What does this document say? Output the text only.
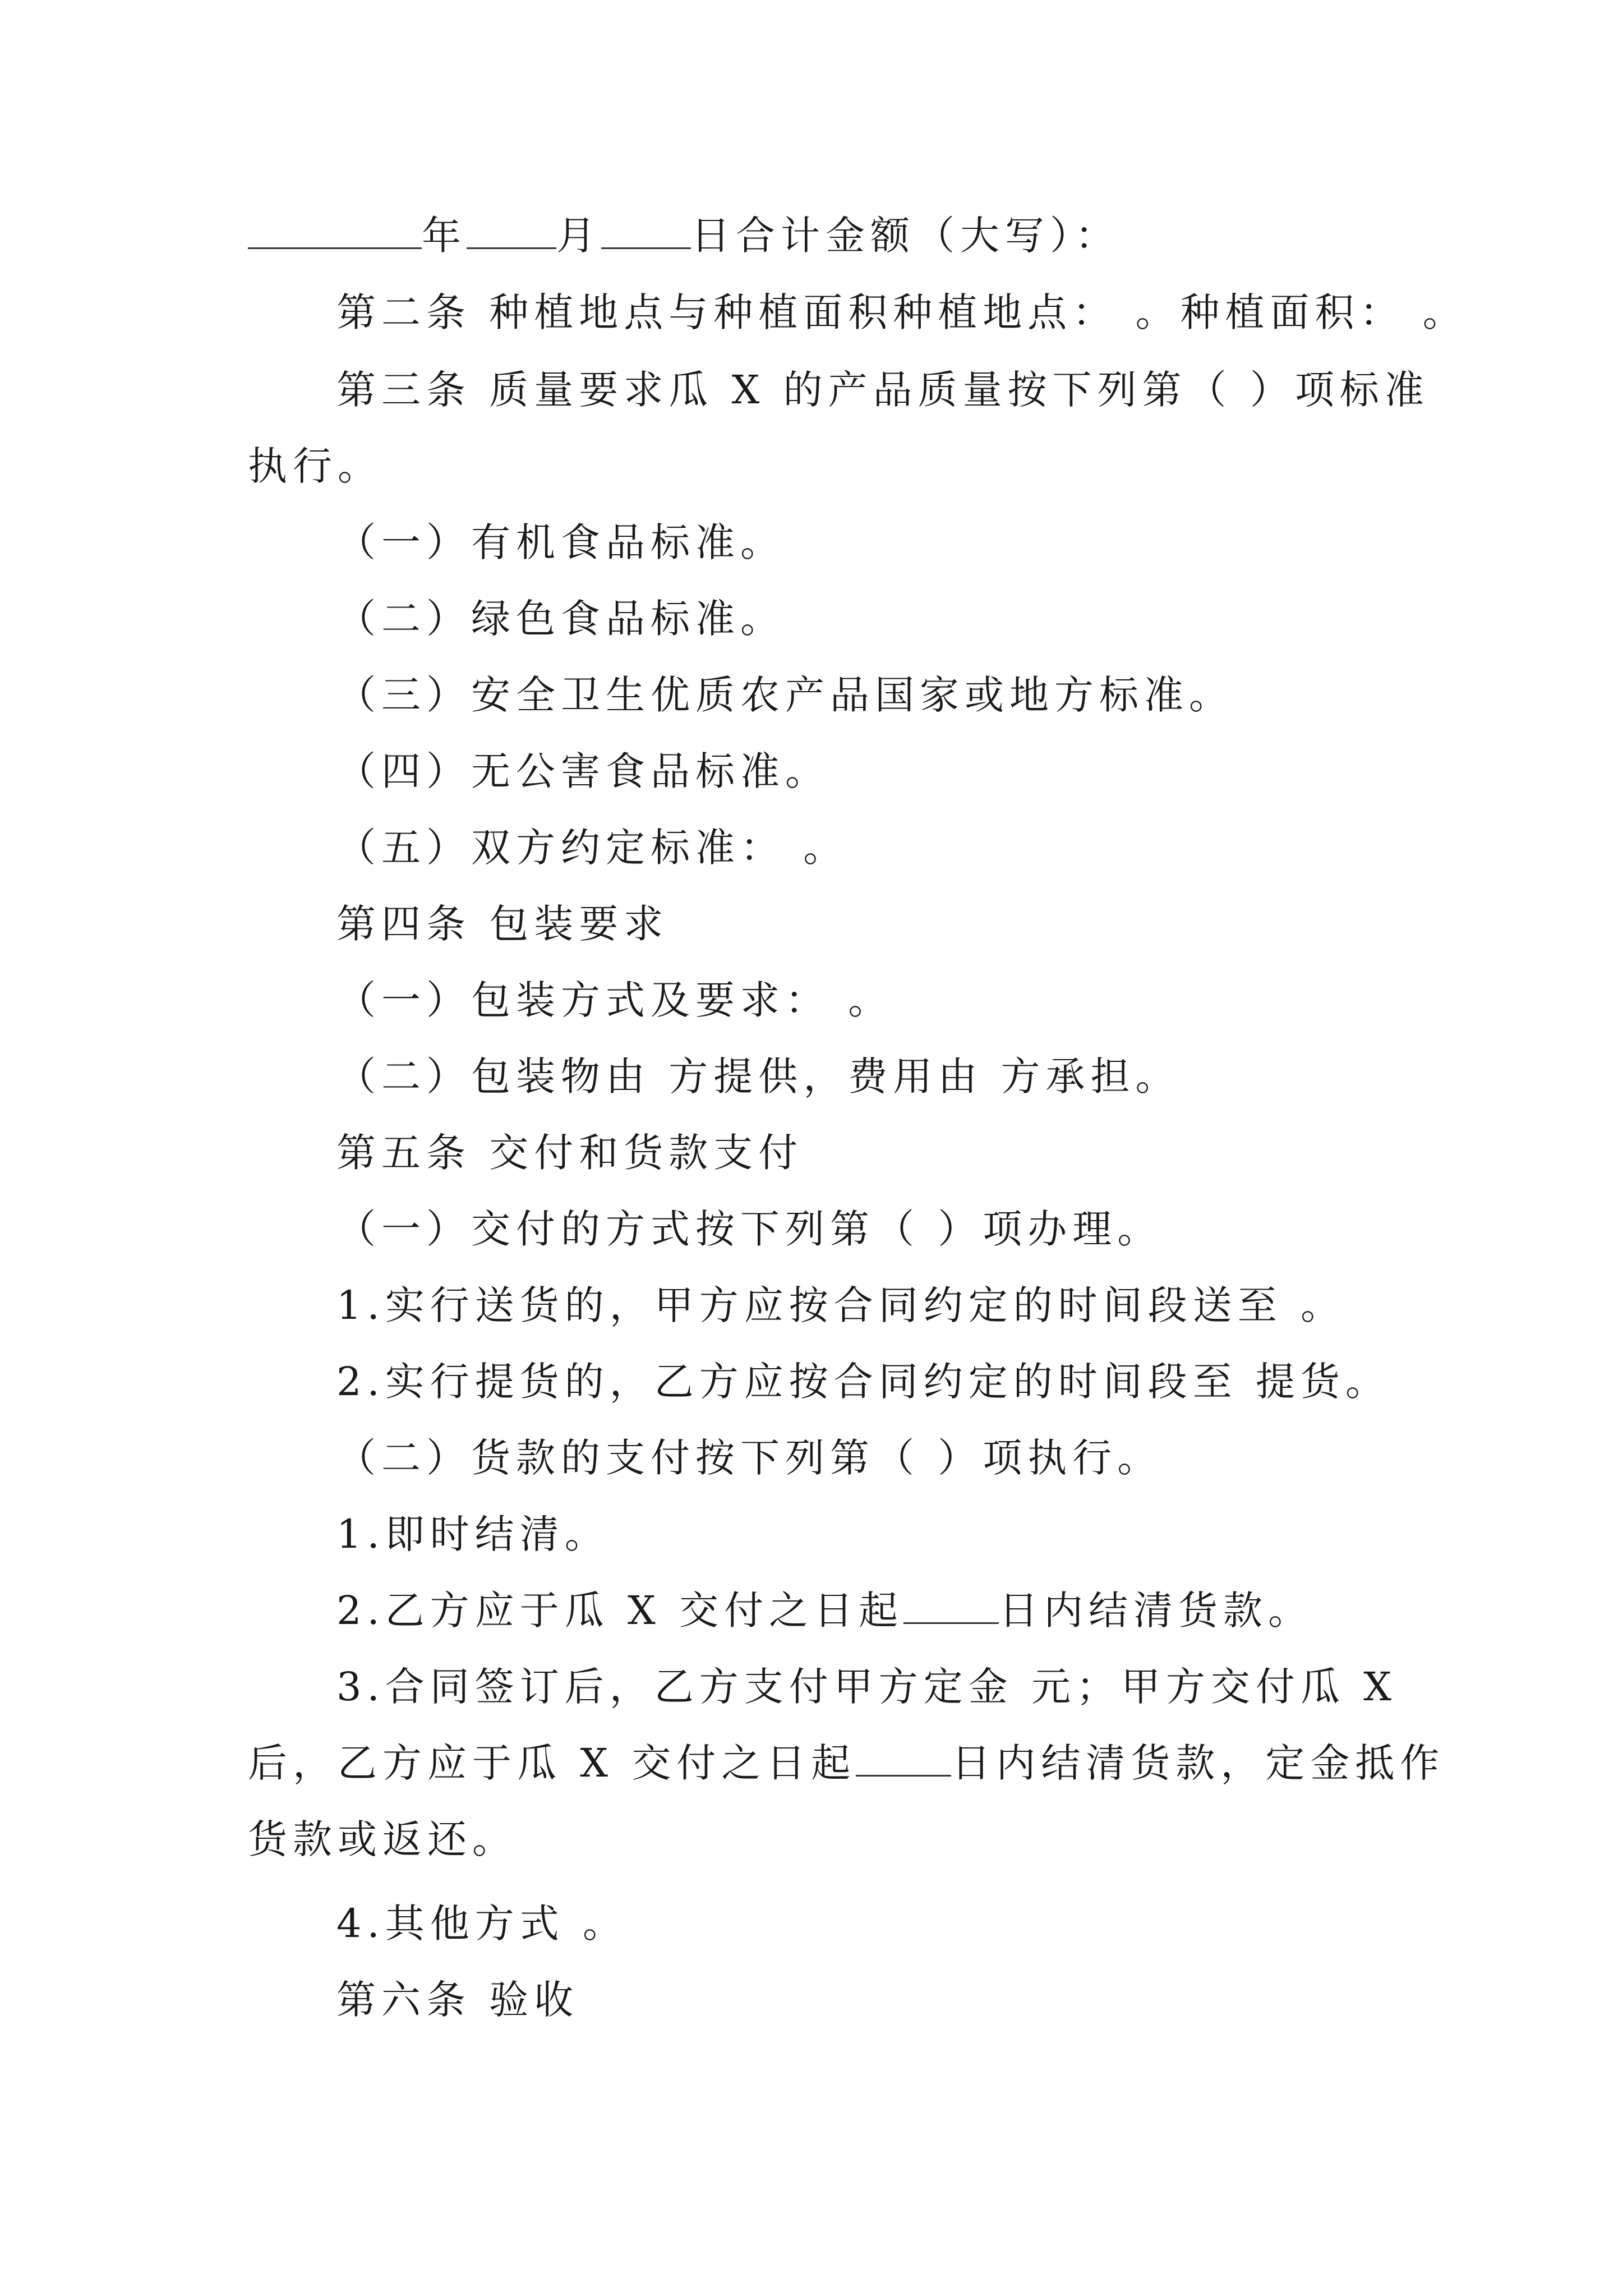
年 月 日合计金额（大写）：
第二条 种植地点与种植面积种植地点： 。种植面积： 。
第三条 质量要求瓜 X 的产品质量按下列第（ ）项标准
执行。
（一）有机食品标准。
（二）绿色食品标准。
（三）安全卫生优质农产品国家或地方标准。
（四）无公害食品标准。
（五）双方约定标准： 。
第四条 包装要求
（一）包装方式及要求： 。
（二）包装物由 方提供，费用由 方承担。
第五条 交付和货款支付
（一）交付的方式按下列第（ ）项办理。
1.实行送货的，甲方应按合同约定的时间段送至 。
2.实行提货的，乙方应按合同约定的时间段至 提货。
（二）货款的支付按下列第（ ）项执行。
1.即时结清。
2.乙方应于瓜 X 交付之日起 日内结清货款。
3.合同签订后，乙方支付甲方定金 元；甲方交付瓜 X
后，乙方应于瓜 X 交付之日起 日内结清货款，定金抵作
货款或返还。
4.其他方式 。
第六条 验收
